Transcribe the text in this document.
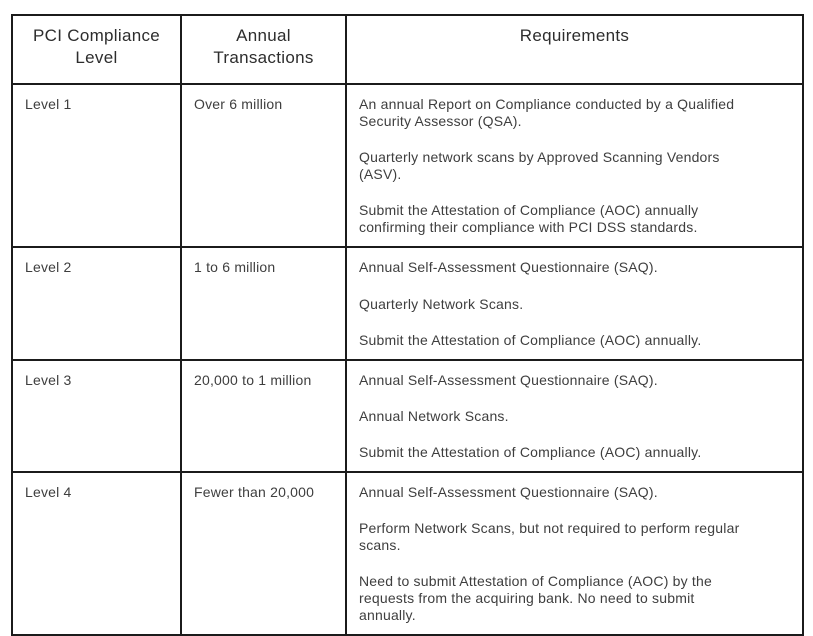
PCI Compliance Level	Annual Transactions	Requirements
Level 1	Over 6 million	An annual Report on Compliance conducted by a Qualified Security Assessor (QSA).

Quarterly network scans by Approved Scanning Vendors (ASV).

Submit the Attestation of Compliance (AOC) annually confirming their compliance with PCI DSS standards.

Level 2	1 to 6 million	Annual Self-Assessment Questionnaire (SAQ).

Quarterly Network Scans.

Submit the Attestation of Compliance (AOC) annually.

Level 3	20,000 to 1 million	Annual Self-Assessment Questionnaire (SAQ).

Annual Network Scans.

Submit the Attestation of Compliance (AOC) annually.

Level 4	Fewer than 20,000	Annual Self-Assessment Questionnaire (SAQ).

Perform Network Scans, but not required to perform regular scans.

Need to submit Attestation of Compliance (AOC) by the requests from the acquiring bank. No need to submit annually.
